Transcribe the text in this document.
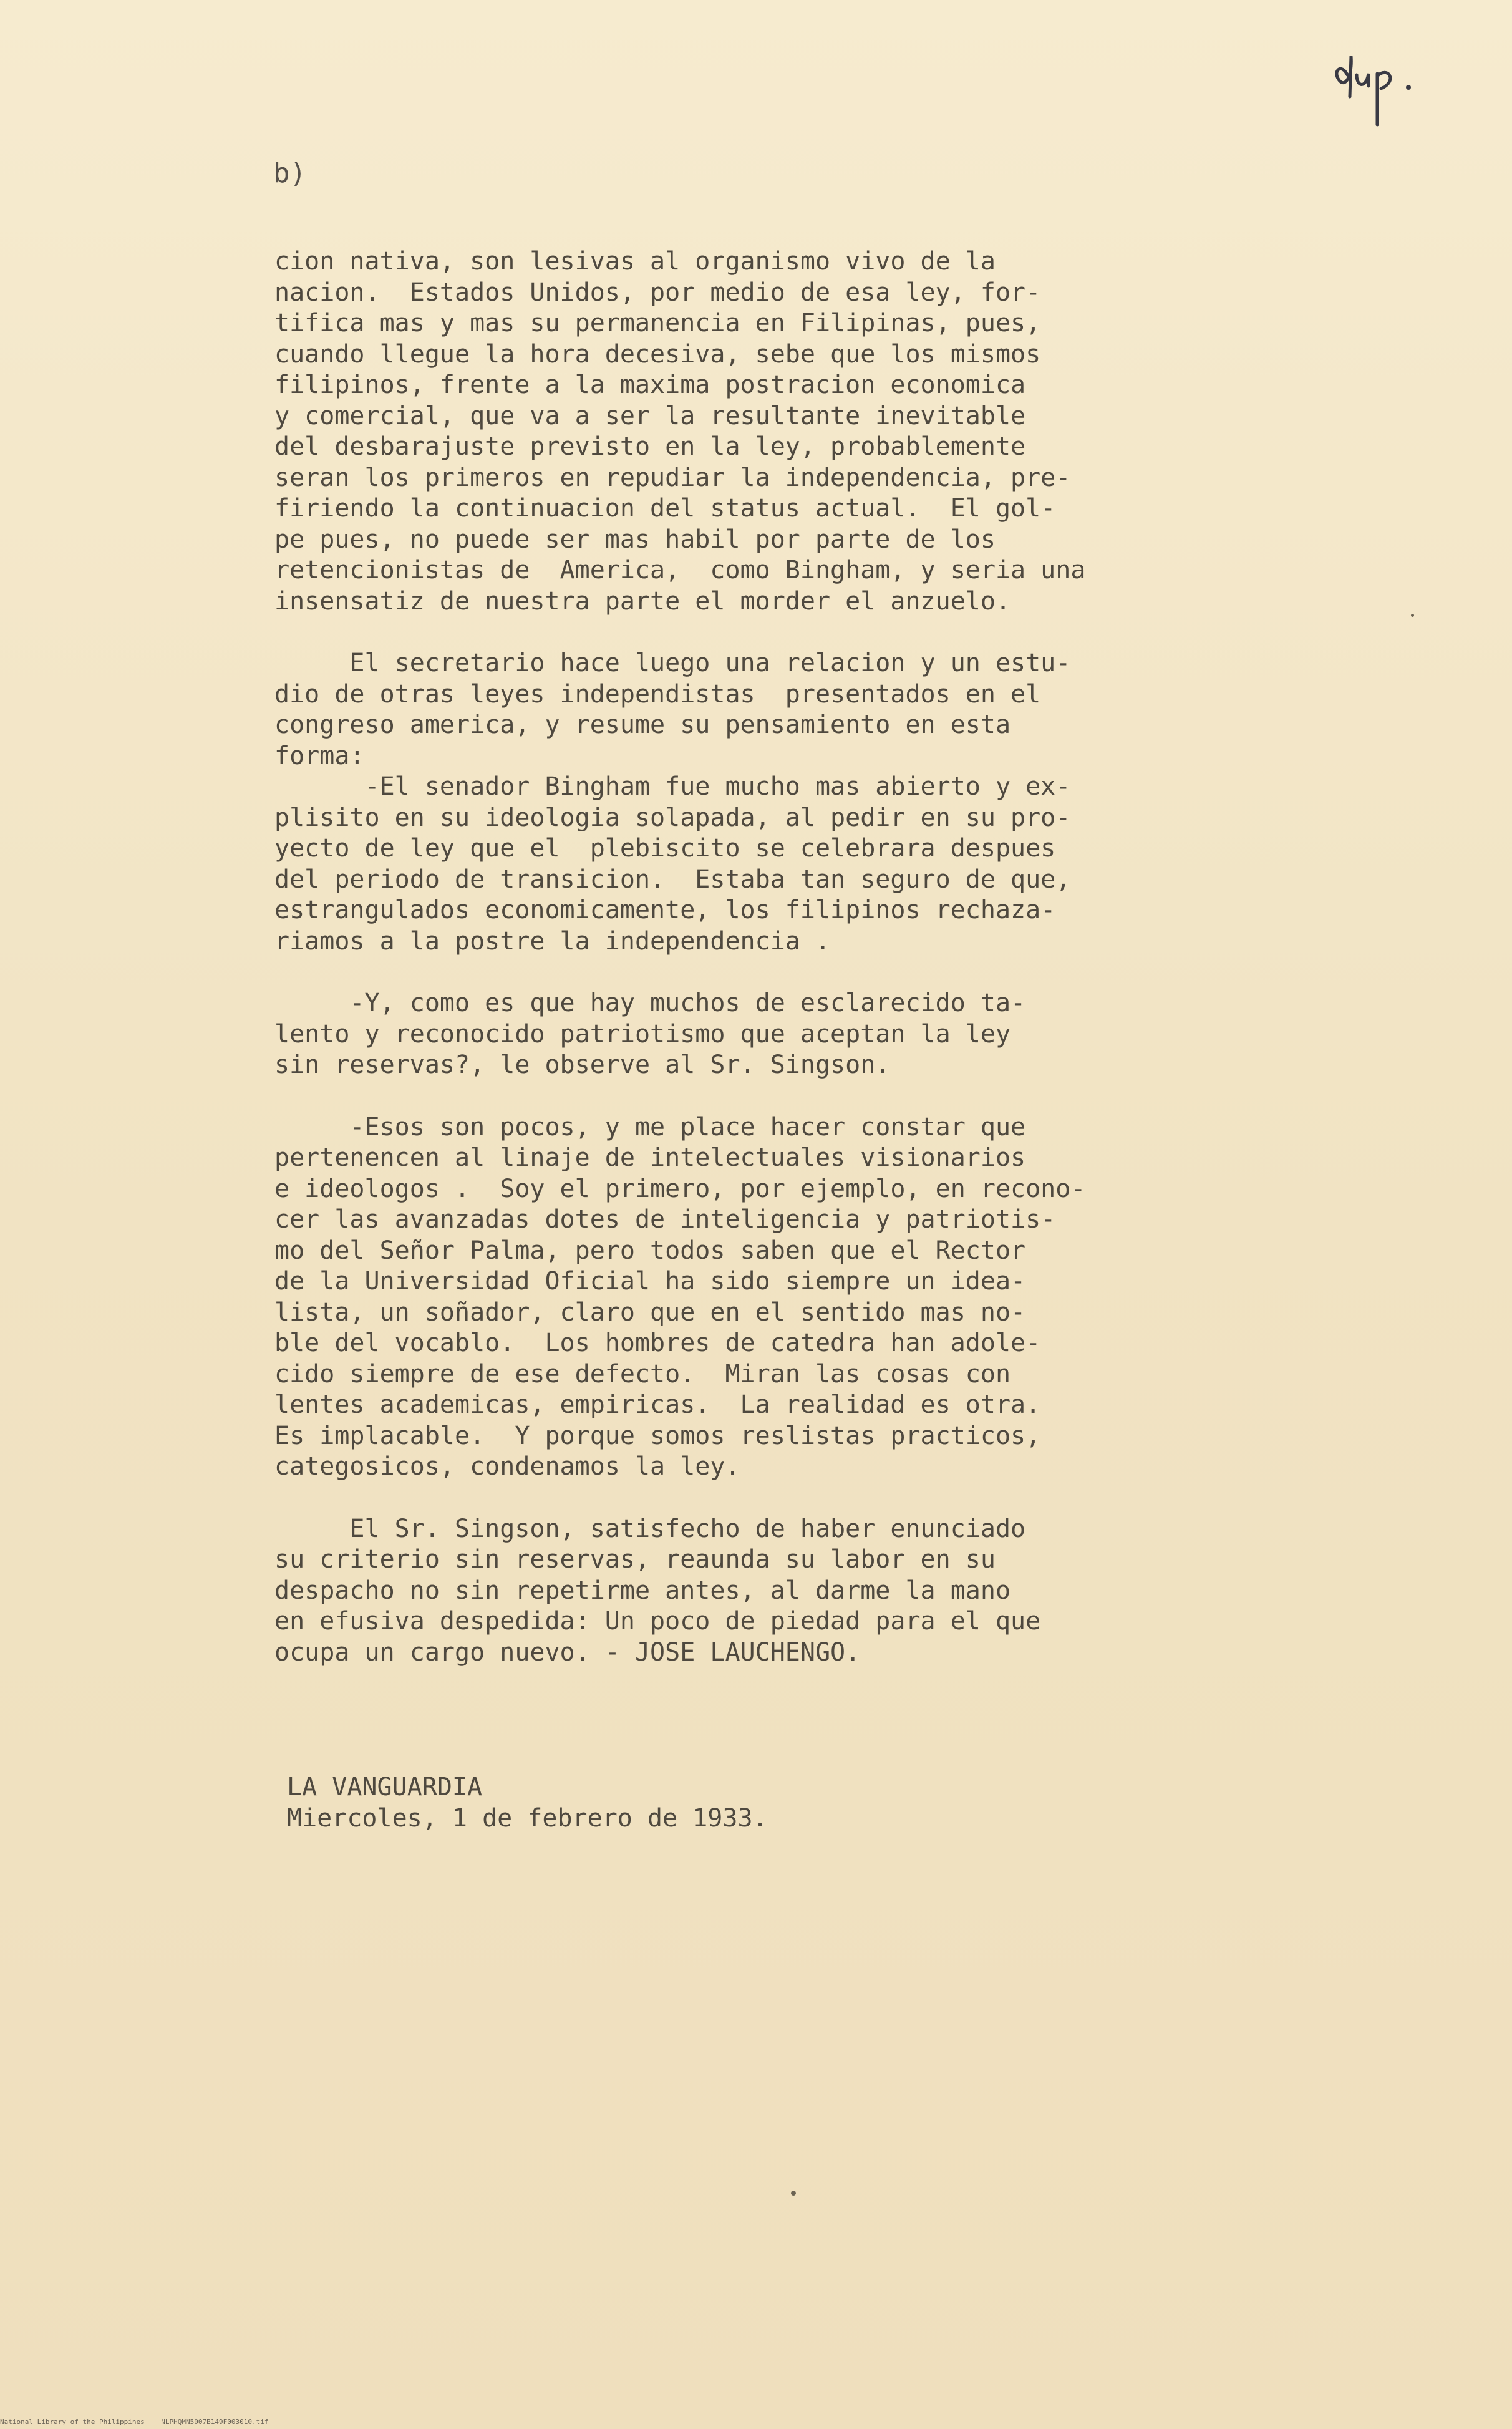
b)
cion nativa, son lesivas al organismo vivo de la
nacion.  Estados Unidos, por medio de esa ley, for-
tifica mas y mas su permanencia en Filipinas, pues,
cuando llegue la hora decesiva, sebe que los mismos
filipinos, frente a la maxima postracion economica
y comercial, que va a ser la resultante inevitable
del desbarajuste previsto en la ley, probablemente
seran los primeros en repudiar la independencia, pre-
firiendo la continuacion del status actual.  El gol-
pe pues, no puede ser mas habil por parte de los
retencionistas de  America,  como Bingham, y seria una
insensatiz de nuestra parte el morder el anzuelo.
El secretario hace luego una relacion y un estu-
dio de otras leyes independistas  presentados en el
congreso america, y resume su pensamiento en esta
forma:
-El senador Bingham fue mucho mas abierto y ex-
plisito en su ideologia solapada, al pedir en su pro-
yecto de ley que el  plebiscito se celebrara despues
del periodo de transicion.  Estaba tan seguro de que,
estrangulados economicamente, los filipinos rechaza-
riamos a la postre la independencia .
-Y, como es que hay muchos de esclarecido ta-
lento y reconocido patriotismo que aceptan la ley
sin reservas?, le observe al Sr. Singson.
-Esos son pocos, y me place hacer constar que
pertenencen al linaje de intelectuales visionarios
e ideologos .  Soy el primero, por ejemplo, en recono-
cer las avanzadas dotes de inteligencia y patriotis-
mo del Señor Palma, pero todos saben que el Rector
de la Universidad Oficial ha sido siempre un idea-
lista, un soñador, claro que en el sentido mas no-
ble del vocablo.  Los hombres de catedra han adole-
cido siempre de ese defecto.  Miran las cosas con
lentes academicas, empiricas.  La realidad es otra.
Es implacable.  Y porque somos reslistas practicos,
categosicos, condenamos la ley.
El Sr. Singson, satisfecho de haber enunciado
su criterio sin reservas, reaunda su labor en su
despacho no sin repetirme antes, al darme la mano
en efusiva despedida: Un poco de piedad para el que
ocupa un cargo nuevo. - JOSE LAUCHENGO.
LA VANGUARDIA
Miercoles, 1 de febrero de 1933.
National Library of the Philippines    NLPHQMN5007B149F003010.tif
